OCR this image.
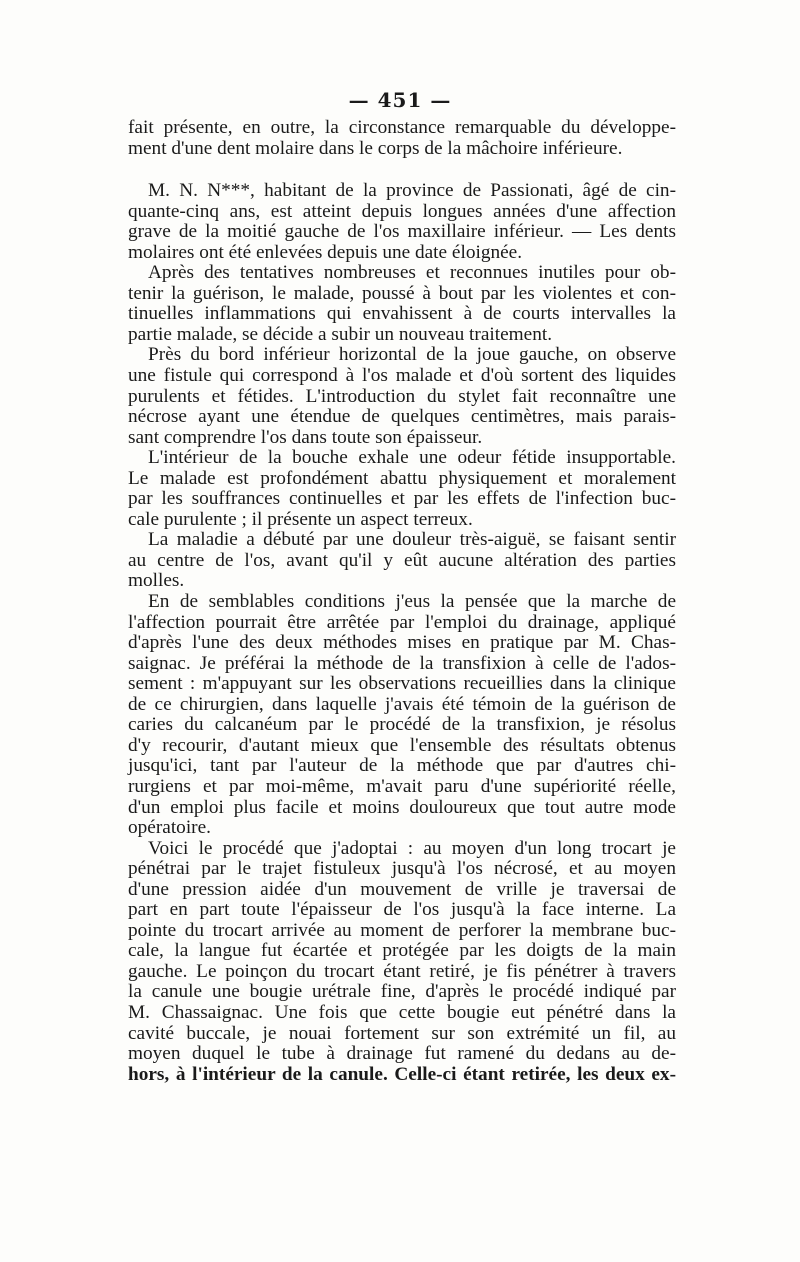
— 451 —
fait présente, en outre, la circonstance remarquable du développe-
ment d'une dent molaire dans le corps de la mâchoire inférieure.
M. N. N***, habitant de la province de Passionati, âgé de cin-
quante-cinq ans, est atteint depuis longues années d'une affection
grave de la moitié gauche de l'os maxillaire inférieur. — Les dents
molaires ont été enlevées depuis une date éloignée.
Après des tentatives nombreuses et reconnues inutiles pour ob-
tenir la guérison, le malade, poussé à bout par les violentes et con-
tinuelles inflammations qui envahissent à de courts intervalles la
partie malade, se décide a subir un nouveau traitement.
Près du bord inférieur horizontal de la joue gauche, on observe
une fistule qui correspond à l'os malade et d'où sortent des liquides
purulents et fétides. L'introduction du stylet fait reconnaître une
nécrose ayant une étendue de quelques centimètres, mais parais-
sant comprendre l'os dans toute son épaisseur.
L'intérieur de la bouche exhale une odeur fétide insupportable.
Le malade est profondément abattu physiquement et moralement
par les souffrances continuelles et par les effets de l'infection buc-
cale purulente ; il présente un aspect terreux.
La maladie a débuté par une douleur très-aiguë, se faisant sentir
au centre de l'os, avant qu'il y eût aucune altération des parties
molles.
En de semblables conditions j'eus la pensée que la marche de
l'affection pourrait être arrêtée par l'emploi du drainage, appliqué
d'après l'une des deux méthodes mises en pratique par M. Chas-
saignac. Je préférai la méthode de la transfixion à celle de l'ados-
sement : m'appuyant sur les observations recueillies dans la clinique
de ce chirurgien, dans laquelle j'avais été témoin de la guérison de
caries du calcanéum par le procédé de la transfixion, je résolus
d'y recourir, d'autant mieux que l'ensemble des résultats obtenus
jusqu'ici, tant par l'auteur de la méthode que par d'autres chi-
rurgiens et par moi-même, m'avait paru d'une supériorité réelle,
d'un emploi plus facile et moins douloureux que tout autre mode
opératoire.
Voici le procédé que j'adoptai : au moyen d'un long trocart je
pénétrai par le trajet fistuleux jusqu'à l'os nécrosé, et au moyen
d'une pression aidée d'un mouvement de vrille je traversai de
part en part toute l'épaisseur de l'os jusqu'à la face interne. La
pointe du trocart arrivée au moment de perforer la membrane buc-
cale, la langue fut écartée et protégée par les doigts de la main
gauche. Le poinçon du trocart étant retiré, je fis pénétrer à travers
la canule une bougie urétrale fine, d'après le procédé indiqué par
M. Chassaignac. Une fois que cette bougie eut pénétré dans la
cavité buccale, je nouai fortement sur son extrémité un fil, au
moyen duquel le tube à drainage fut ramené du dedans au de-
hors, à l'intérieur de la canule. Celle-ci étant retirée, les deux ex-
